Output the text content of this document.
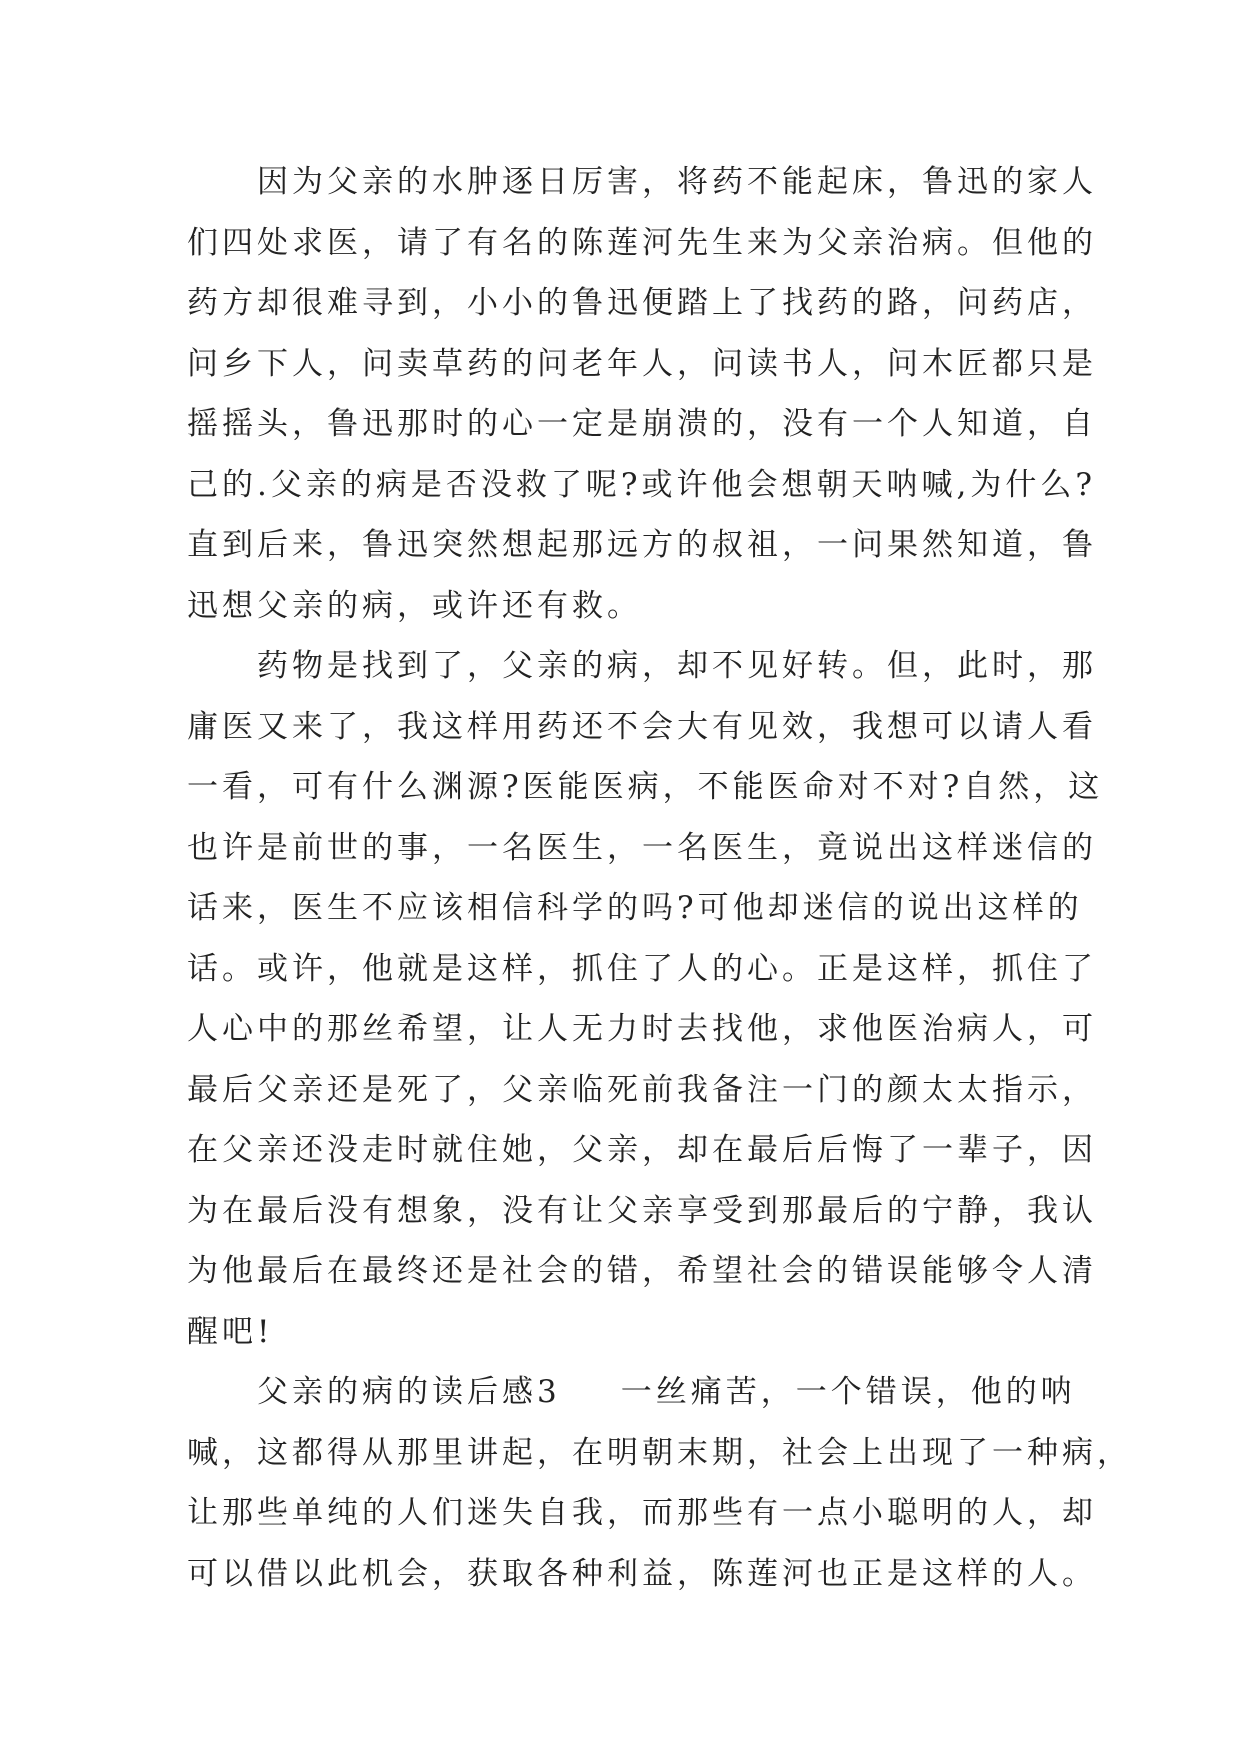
因为父亲的水肿逐日厉害，将药不能起床，鲁迅的家人
们四处求医，请了有名的陈莲河先生来为父亲治病。但他的
药方却很难寻到，小小的鲁迅便踏上了找药的路，问药店，
问乡下人，问卖草药的问老年人，问读书人，问木匠都只是
摇摇头，鲁迅那时的心一定是崩溃的，没有一个人知道，自
己的.父亲的病是否没救了呢?或许他会想朝天呐喊,为什么?
直到后来，鲁迅突然想起那远方的叔祖，一问果然知道，鲁
迅想父亲的病，或许还有救。
药物是找到了，父亲的病，却不见好转。但，此时，那
庸医又来了，我这样用药还不会大有见效，我想可以请人看
一看，可有什么渊源?医能医病，不能医命对不对?自然，这
也许是前世的事，一名医生，一名医生，竟说出这样迷信的
话来，医生不应该相信科学的吗?可他却迷信的说出这样的
话。或许，他就是这样，抓住了人的心。正是这样，抓住了
人心中的那丝希望，让人无力时去找他，求他医治病人，可
最后父亲还是死了，父亲临死前我备注一门的颜太太指示，
在父亲还没走时就住她，父亲，却在最后后悔了一辈子，因
为在最后没有想象，没有让父亲享受到那最后的宁静，我认
为他最后在最终还是社会的错，希望社会的错误能够令人清
醒吧!
父亲的病的读后感3 一丝痛苦，一个错误，他的呐
喊，这都得从那里讲起，在明朝末期，社会上出现了一种病，
让那些单纯的人们迷失自我，而那些有一点小聪明的人，却
可以借以此机会，获取各种利益，陈莲河也正是这样的人。
